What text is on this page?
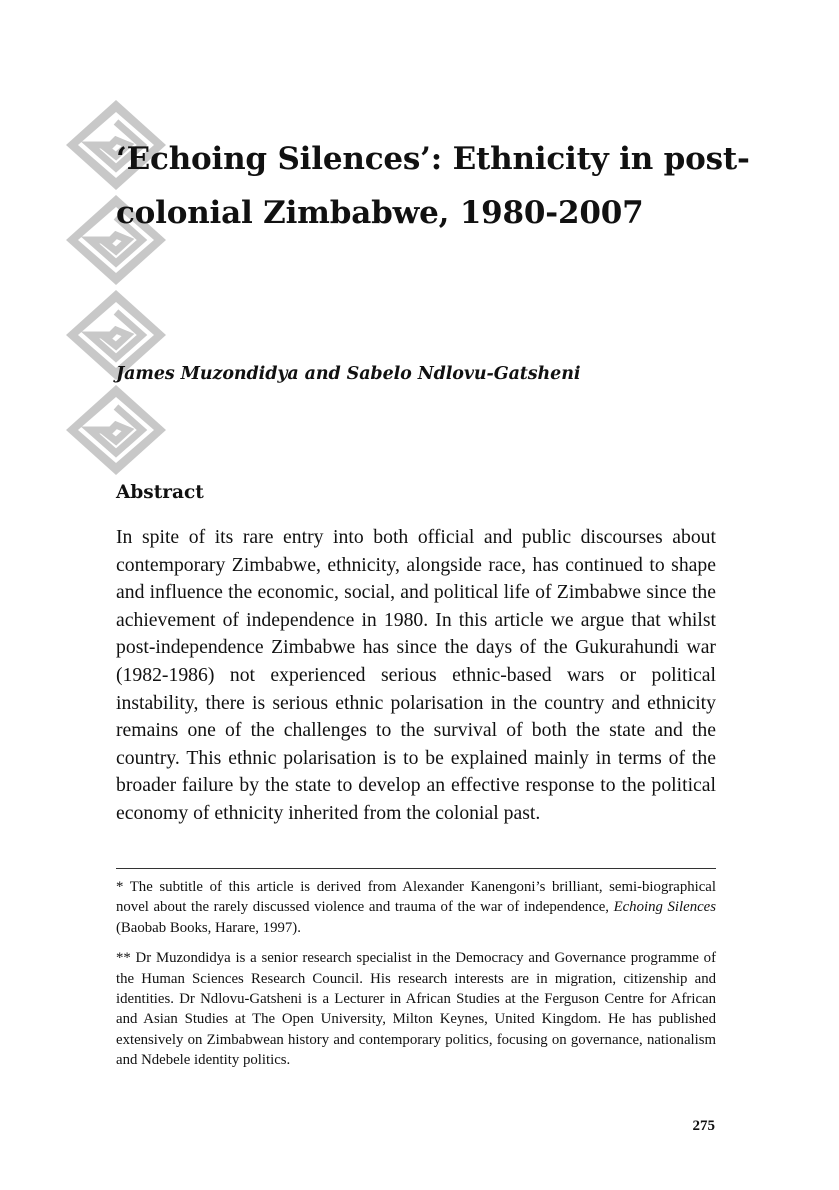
‘Echoing Silences’: Ethnicity in post-colonial Zimbabwe, 1980-2007

James Muzondidya and Sabelo Ndlovu-Gatsheni

Abstract

In spite of its rare entry into both official and public discourses about contemporary Zimbabwe, ethnicity, alongside race, has continued to shape and influence the economic, social, and political life of Zimbabwe since the achievement of independence in 1980. In this article we argue that whilst post-independence Zimbabwe has since the days of the Gukurahundi war (1982-1986) not experienced serious ethnic-based wars or political instability, there is serious ethnic polarisation in the country and ethnicity remains one of the challenges to the survival of both the state and the country. This ethnic polarisation is to be explained mainly in terms of the broader failure by the state to develop an effective response to the political economy of ethnicity inherited from the colonial past.

* The subtitle of this article is derived from Alexander Kanengoni’s brilliant, semi-biographical novel about the rarely discussed violence and trauma of the war of independence, Echoing Silences (Baobab Books, Harare, 1997).

** Dr Muzondidya is a senior research specialist in the Democracy and Governance programme of the Human Sciences Research Council. His research interests are in migration, citizenship and identities. Dr Ndlovu-Gatsheni is a Lecturer in African Studies at the Ferguson Centre for African and Asian Studies at The Open University, Milton Keynes, United Kingdom. He has published extensively on Zimbabwean history and contemporary politics, focusing on governance, nationalism and Ndebele identity politics.

275
